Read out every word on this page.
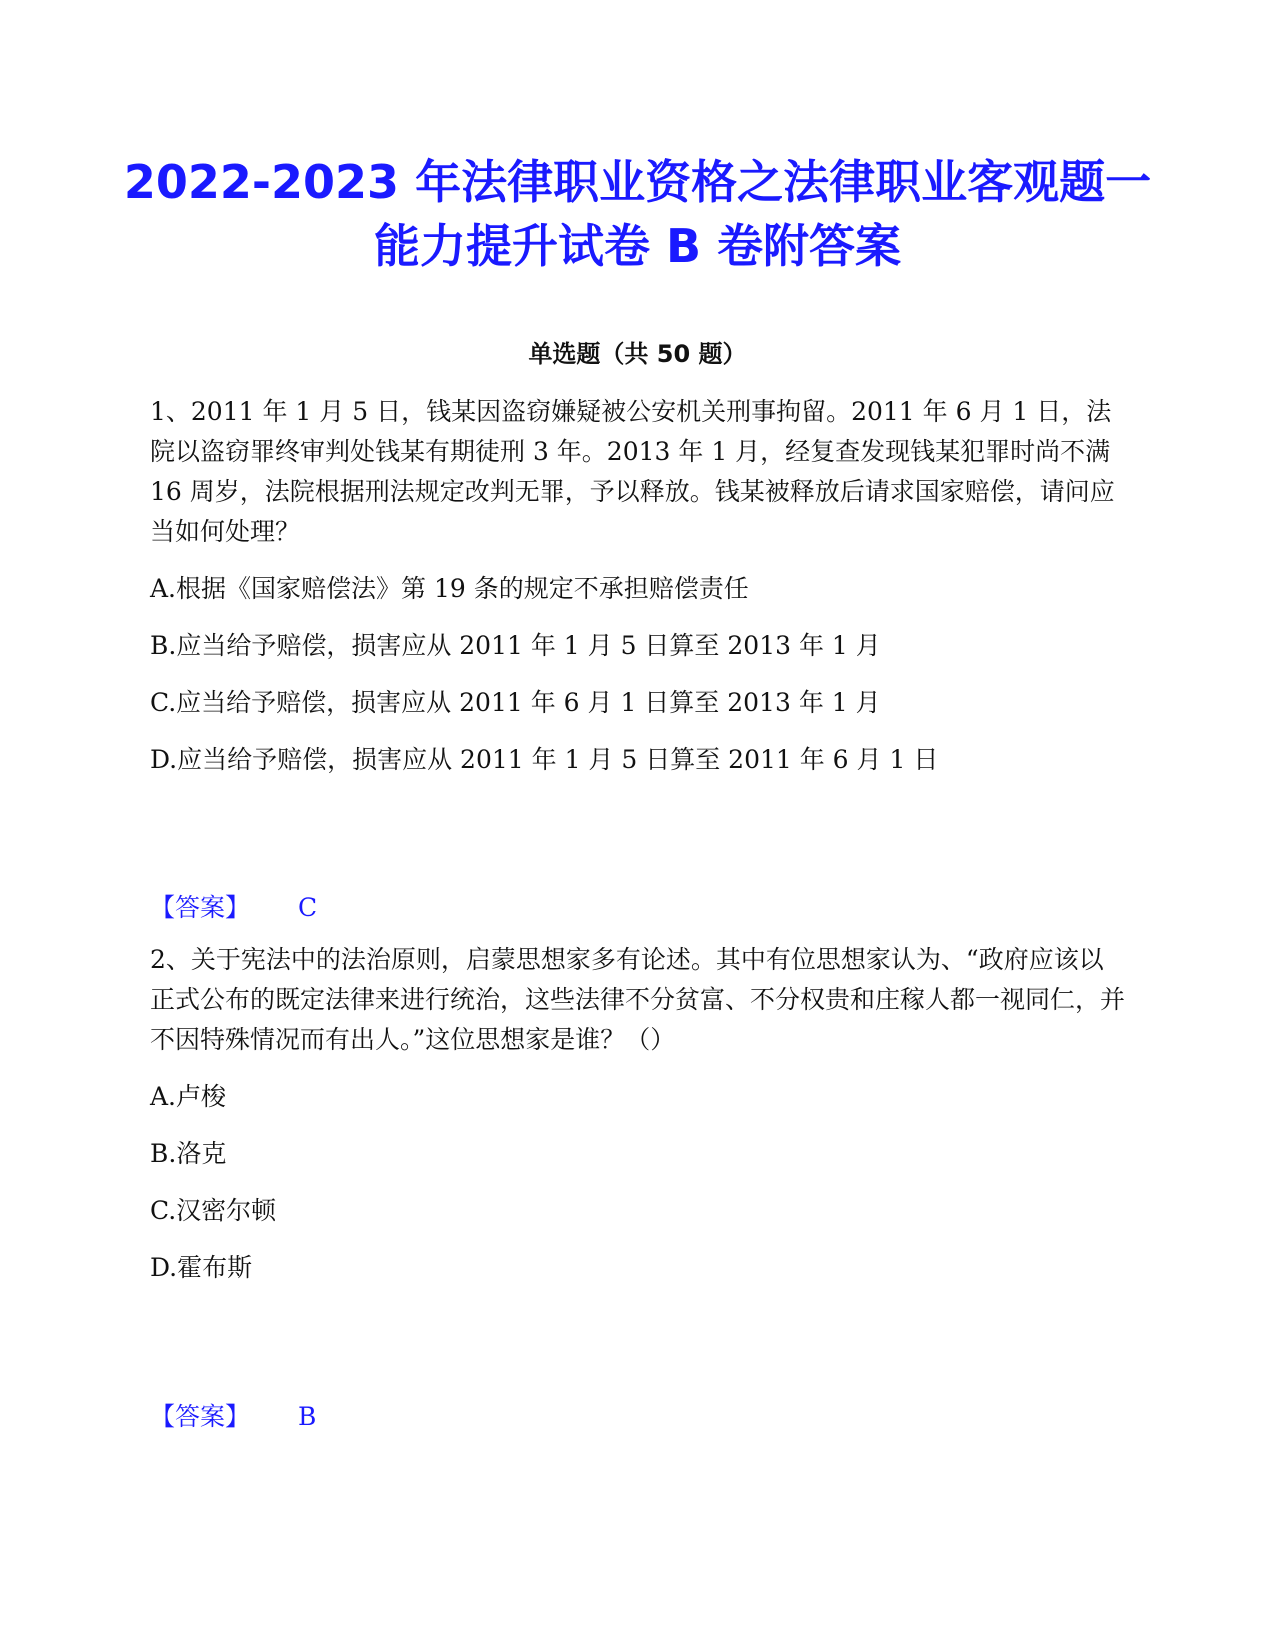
2022-2023 年法律职业资格之法律职业客观题一能力提升试卷 B 卷附答案
单选题（共 50 题）

1、2011 年 1 月 5 日，钱某因盗窃嫌疑被公安机关刑事拘留。2011 年 6 月 1 日，法院以盗窃罪终审判处钱某有期徒刑 3 年。2013 年 1 月，经复查发现钱某犯罪时尚不满 16 周岁，法院根据刑法规定改判无罪，予以释放。钱某被释放后请求国家赔偿，请问应当如何处理？

A.根据《国家赔偿法》第 19 条的规定不承担赔偿责任

B.应当给予赔偿，损害应从 2011 年 1 月 5 日算至 2013 年 1 月

C.应当给予赔偿，损害应从 2011 年 6 月 1 日算至 2013 年 1 月

D.应当给予赔偿，损害应从 2011 年 1 月 5 日算至 2011 年 6 月 1 日

【答案】 C

2、关于宪法中的法治原则，启蒙思想家多有论述。其中有位思想家认为、“政府应该以正式公布的既定法律来进行统治，这些法律不分贫富、不分权贵和庄稼人都一视同仁，并不因特殊情况而有出人。”这位思想家是谁？（）

A.卢梭

B.洛克

C.汉密尔顿

D.霍布斯

【答案】 B
